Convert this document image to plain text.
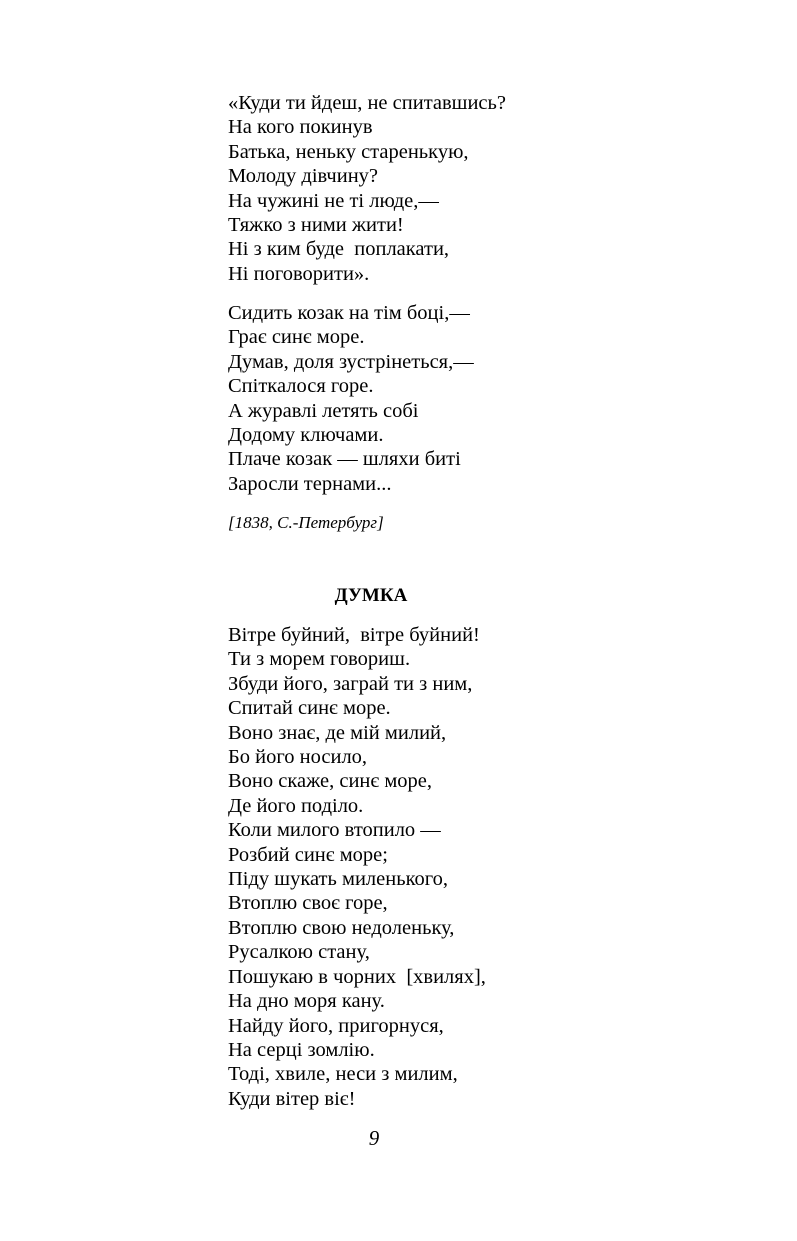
«Куди ти йдеш, не спитавшись?
На кого покинув
Батька, неньку старенькую,
Молоду дівчину?
На чужині не ті люде,—
Тяжко з ними жити!
Ні з ким буде  поплакати,
Ні поговорити».
Сидить козак на тім боці,—
Грає синє море.
Думав, доля зустрінеться,—
Спіткалося горе.
А журавлі летять собі
Додому ключами.
Плаче козак — шляхи биті
Заросли тернами...
[1838, С.-Петербург]
ДУМКА
Вітре буйний,  вітре буйний!
Ти з морем говориш.
Збуди його, заграй ти з ним,
Спитай синє море.
Воно знає, де мій милий,
Бо його носило,
Воно скаже, синє море,
Де його поділо.
Коли милого втопило —
Розбий синє море;
Піду шукать миленького,
Втоплю своє горе,
Втоплю свою недоленьку,
Русалкою стану,
Пошукаю в чорних  [хвилях],
На дно моря кану.
Найду його, пригорнуся,
На серці зомлію.
Тоді, хвиле, неси з милим,
Куди вітер віє!
9
